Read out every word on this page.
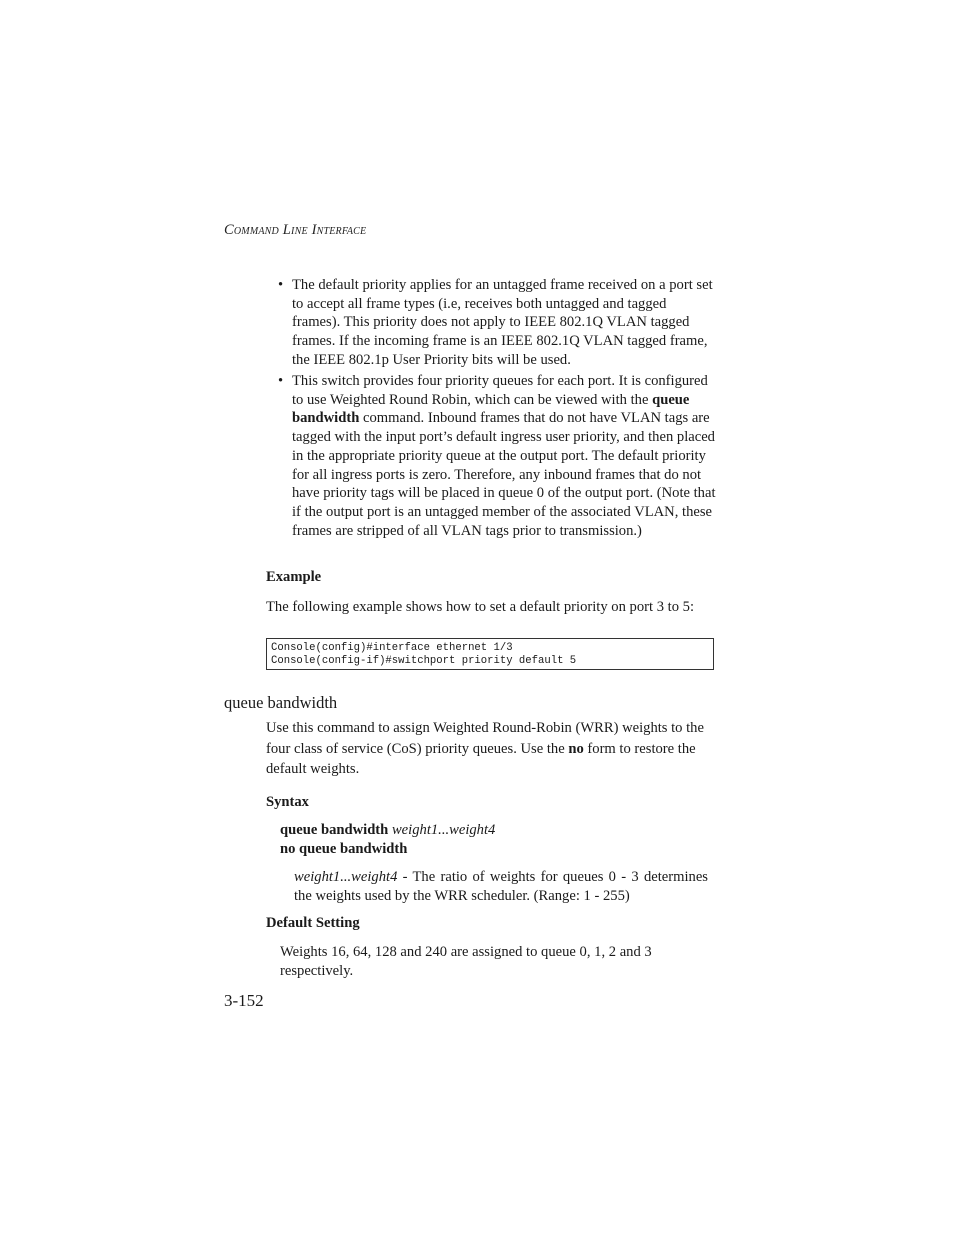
Command Line Interface
• The default priority applies for an untagged frame received on a port set to accept all frame types (i.e, receives both untagged and tagged frames). This priority does not apply to IEEE 802.1Q VLAN tagged frames. If the incoming frame is an IEEE 802.1Q VLAN tagged frame, the IEEE 802.1p User Priority bits will be used.
• This switch provides four priority queues for each port. It is configured to use Weighted Round Robin, which can be viewed with the queue bandwidth command. Inbound frames that do not have VLAN tags are tagged with the input port’s default ingress user priority, and then placed in the appropriate priority queue at the output port. The default priority for all ingress ports is zero. Therefore, any inbound frames that do not have priority tags will be placed in queue 0 of the output port. (Note that if the output port is an untagged member of the associated VLAN, these frames are stripped of all VLAN tags prior to transmission.)
Example

The following example shows how to set a default priority on port 3 to 5:

Console(config)#interface ethernet 1/3
Console(config-if)#switchport priority default 5
queue bandwidth

Use this command to assign Weighted Round-Robin (WRR) weights to the four class of service (CoS) priority queues. Use the no form to restore the default weights.

Syntax
queue bandwidth weight1...weight4
no queue bandwidth

weight1...weight4 - The ratio of weights for queues 0 - 3 determines the weights used by the WRR scheduler. (Range: 1 - 255)

Default Setting

Weights 16, 64, 128 and 240 are assigned to queue 0, 1, 2 and 3 respectively.

3-152
